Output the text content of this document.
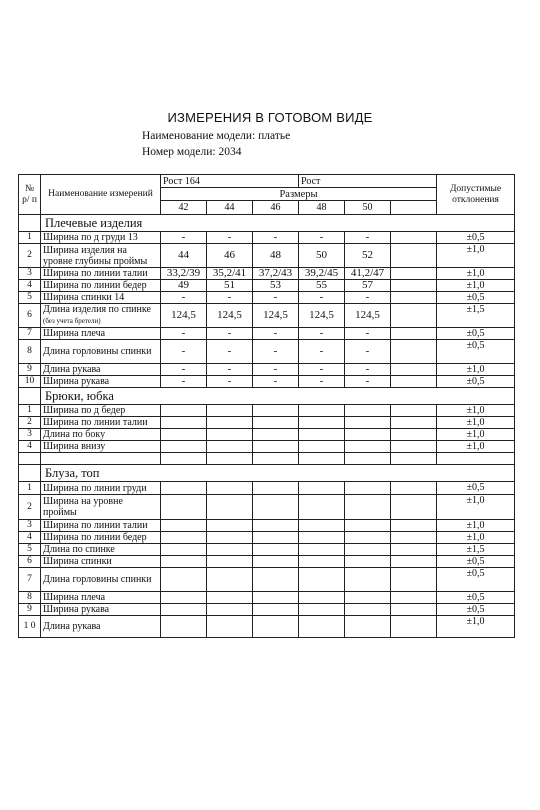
ИЗМЕРЕНИЯ В ГОТОВОМ ВИДЕ
Наименование модели: платье
Номер модели: 2034
№ р/ п	Наименование измерений	Рост 164			Рост			Допустимые отклонения
		Размеры						
		42	44	46	48	50		
	Плечевые изделия							
1	Ширина по д груди 13	-	-	-	-	-		±0,5
2	Ширина изделия на уровне глубины проймы	44	46	48	50	52		±1,0
3	Ширина по линии талии	33,2/39	35,2/41	37,2/43	39,2/45	41,2/47		±1,0
4	Ширина по линии бедер	49	51	53	55	57		±1,0
5	Ширина спинки 14	-	-	-	-	-		±0,5
6	Длина изделия по спинке (без учета бретели)	124,5	124,5	124,5	124,5	124,5		±1,5
7	Ширина плеча	-	-	-	-	-		±0,5
8	Длина горловины спинки	-	-	-	-	-		±0,5
9	Длина рукава	-	-	-	-	-		±1,0
10	Ширина рукава	-	-	-	-	-		±0,5
	Брюки, юбка							
1	Ширина по д бедер							±1,0
2	Ширина по линии талии							±1,0
3	Длина по боку							±1,0
4	Ширина внизу							±1,0

	Блуза, топ							
1	Ширина по линии груди							±0,5
2	Ширина на уровне проймы							±1,0
3	Ширина по линии талии							±1,0
4	Ширина по линии бедер							±1,0
5	Длина по спинке							±1,5
6	Ширина спинки							±0,5
7	Длина горловины спинки							±0,5
8	Ширина плеча							±0,5
9	Ширина рукава							±0,5
1 0	Длина рукава							±1,0
